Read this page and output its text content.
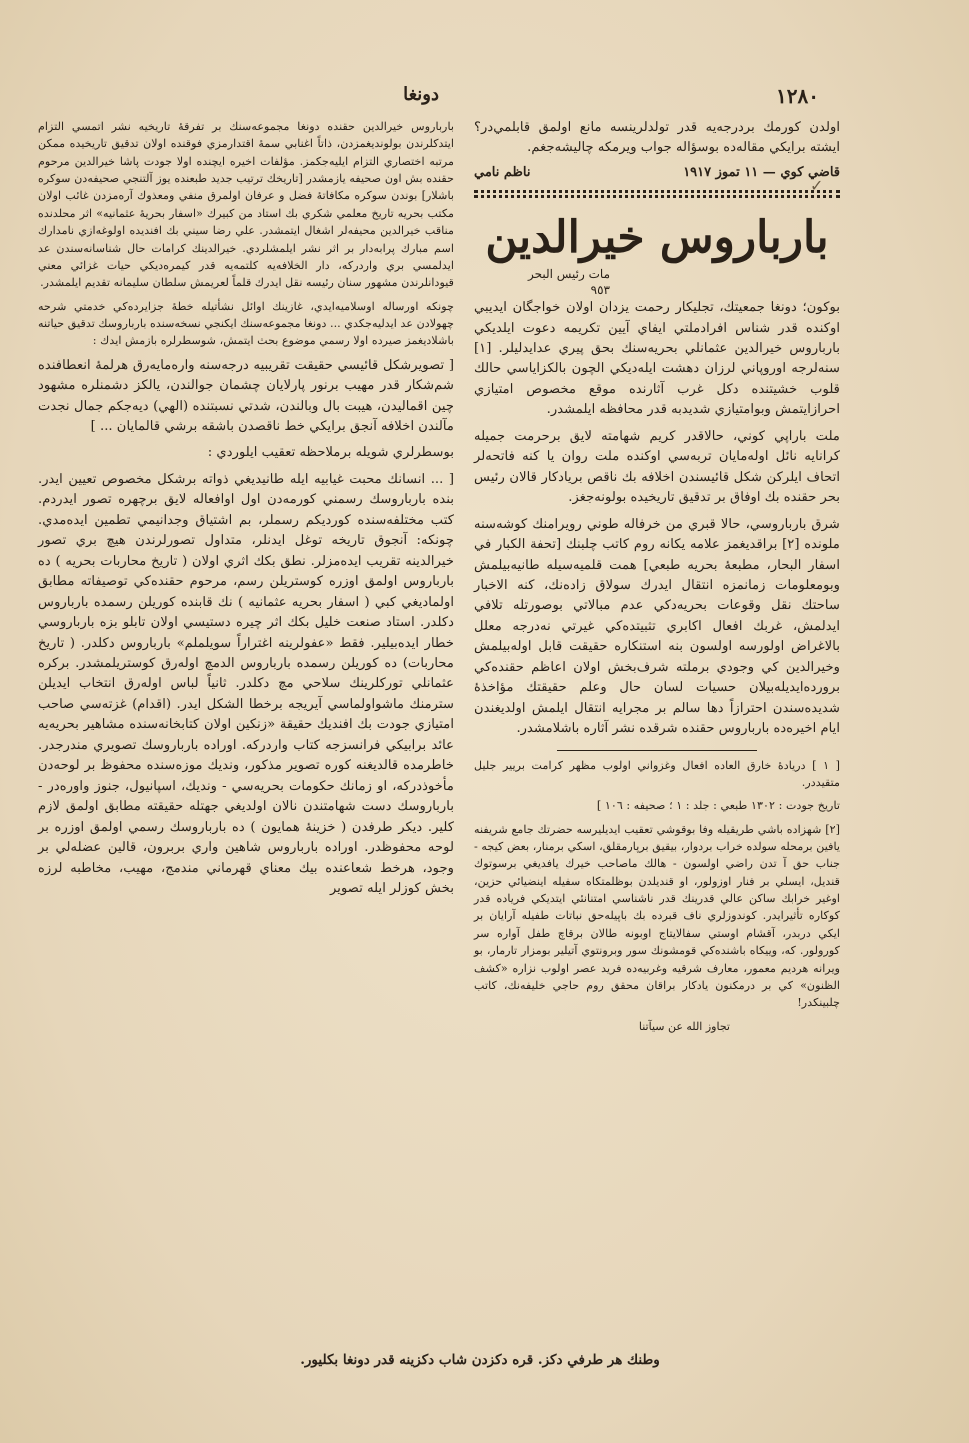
١٢٨٠
دونغا
✓

اولدن كورمك بردرجه‌يه قدر تولدلرينسه مانع اولمق قابلمي‌در؟ ايشته برايكي مقاله‌ده بوسؤاله جواب ويرمكه چاليشه‌جغم.

قاضي كوي — ١١ تموز ١٩١٧
ناظم نامي
بارباروس خيرالدين
مات رئيس البحر
٩٥٣

بوكون؛ دونغا جمعيتك، تجليكار رحمت يزدان اولان خواجگان ايديبي اوكنده قدر شناس افرادملتي ايفاي آيين تكريمه دعوت ايلديكي بارباروس خيرالدين عثمانلي بحريه‌سنك بحق پيري عدايدليلر. [١] سنه‌لرجه اوروپاني لرزان دهشت ايله‌ديكي الچون بالكزاياسي حالك قلوب خشيتنده دكل غرب آثارنده موقع مخصوص امتيازي احرازايتمش وبوامتيازي شديدبه قدر محافظه ايلمشدر.

ملت باراپي كوني، حالاقدر كريم شهامته لايق برحرمت جميله كرانايه نائل اوله‌مايان تربه‌سي اوكنده ملت روان يا كنه فاتحه‌لر اتحاف ايلركن شكل قائيسندن اخلافه بك ناقص بريادكار قالان رئيس بحر حقنده بك اوفاق بر تدقيق تاريخيده بولونه‌جغز.

شرق بارباروسي، حالا قبري من خرفاله طوني رويرامنك كوشه‌سنه ملونده [٢] براقديغمز علامه يكانه روم كاتب چلبنك [تحفة الكبار في اسفار البحار، مطبعهٔ بحريه طبعي] همت قلميه‌سيله طانيه‌بيلمش وبومعلومات زمانمزه انتقال ايدرك سولاق زاده‌نك، كنه الاخبار ساحتك نقل وقوعات بحريه‌دكي عدم مبالاتي بوصورتله تلافي ايدلمش، غربك افعال اكابري تثبيتده‌كي غيرتي نه‌درجه معلل بالاغراض اولورسه اولسون بنه استنكاره حقيقت قابل اوله‌بيلمش وخيرالدين كي وجودي برملته شرف‌بخش اولان اعاظم حقنده‌كي برورده‌ايديله‌بيلان حسيات لسان حال وعلم حقيقتك مؤاخذهٔ شديده‌سندن احترازاً دها سالم بر مجرايه انتقال ايلمش اولديغندن ايام اخيره‌ده بارباروس حقنده شرقده نشر آثاره باشلامشدر.

[ ١ ] دريادهٔ خارق العاده افعال وغزواني اولوب مظهر كرامت بريير جليل متقيددر.

تاريخ جودت : ١٣٠٢ طبعي : جلد : ١ ؛ صحيفه : ١٠٦ ]

[٢] شهزاده باشي طريقيله وفا بوقوشي تعقيب ايديليرسه حضرتك جامع شريفنه يافين برمحله سولده خراب بردوار، بيقيق برپارمقلق، اسكي برمنار، بعض كيجه - جناب حق آ تدن راضي اولسون - هالك ماصاحب خيرك يافديغي برسوتوك قنديل، ايسلي بر فنار اوزولور، او قنديلدن بوظلمتكاه سفيله اينضيائي حزين، اوغير خرابك ساكن عالي قدرينك قدر ناشناسي امتنانئي ايتديكي فرياده قدر كوكاره تأثيرايدر. كوندوزلري ناف قبرده بك باپيله‌حق نباتات طفيله آرايان بر ايكي دربدر، آقشام اوستي سفالايتاج اوبونه طالان برقاچ طفل آواره سر كورولور. كه، وييكاه باشنده‌كي قومشونك سور وبرونتوي آتيلير بومزار تارمار، بو ويرانه هرديم معمور، معارف شرقيه وغربيه‌ده فريد عصر اولوب نزاره «كشف الظنون» كي بر درمكنون يادكار براقان محقق روم حاجي خليفه‌نك، كاتب چلبينكدر!

تجاوز الله عن سيآتنا

بارباروس خيرالدين حقنده دونغا مجموعه‌سنك بر تفرقهٔ تاريخيه نشر اتمسي التزام ايتدكلرندن بولونديغمزدن، ذاتاً اغنابي سمهٔ اقتدارمزي فوقنده اولان تدقيق تاريخيده ممكن مرتبه اختصاري التزام ايليه‌جكمز. مؤلفات اخيره ايچنده اولا جودت پاشا خيرالدين مرحوم حقنده بش اون صحيفه يازمشدر [تاريخك ترتيب جديد طبعنده يوز آلتنجي صحيفه‌دن سوكره باشلار] بوندن سوكره مكافاتهٔ فضل و عرفان اولمرق منفي ومعذوك آره‌مزدن غائب اولان مكتب بحريه تاريخ معلمي شكري بك استاد من كبيرك «اسفار بحريهٔ عثمانيه» اثر محلدنده مناقب خيرالدين محيفه‌لر اشغال ايتمشدر. علي رضا سيني بك افنديده اولوغه‌ازي نامدارك اسم مبارك پرابه‌دار بر اثر نشر ايلمشلردي. خيرالدينك كرامات حال شناسانه‌سندن عد ايدلمسي بري واردركه، دار الخلافه‌يه كلتمه‌يه قدر كيمره‌ديكي حيات غزائي معني قيودانلرندن مشهور سنان رئيسه نقل ايدرك قلماً لعريمش سلطان سليمانه تقديم ايلمشدر.

چونكه اورساله اوسلاميه‌ايدي، غازينك اوائل نشأتيله خطهٔ جزايرده‌كي خدمتي شرحه چهولادن عد ايدليه‌جكدي ... دونغا مجموعه‌سنك ايكنجي نسخه‌سنده بارباروسك تدقيق حياتنه باشلاديغمز صيرده اولا رسمي موضوع بحث ايتمش، شوسطرلره بازمش ايدك :

[ تصويرشكل قائيسي حقيقت تقريبيه درجه‌سنه واره‌مايه‌رق هرلمهٔ انعطافنده شم‌شكار قدر مهيب برنور پارلايان چشمان جوالندن، يالكز دشمنلره مشهود چين اقماليدن، هيبت بال وبالندن، شدتي نسبتنده (الهي) ديه‌جكم جمال نجدت مآلندن اخلافه آنجق برايكي خط ناقصدن باشقه برشي قالمايان ... ]

بوسطرلري شويله برملاحظه تعقيب ايلوردي :

[ ... انسانك محبت غيابيه ايله طانيديغي ذواته برشكل مخصوص تعيين ايدر. بنده بارباروسك رسمني كورمه‌دن اول اوافعاله لايق برچهره تصور ايدردم. كتب مختلفه‌سنده كورديكم رسملر، بم اشتياق وجدانيمي تطمين ايده‌مدي. چونكه: آنجوق تاريخه توغل ايدنلر، متداول تصورلرندن هيچ بري تصور خيرالدينه تقريب ايده‌مزلر. نطق بكك اثري اولان ( تاريخ محاربات بحريه ) ده بارباروس اولمق اوزره كوستريلن رسم، مرحوم حقنده‌كي توصيفاته مطابق اولماديغي كبي ( اسفار بحريه عثمانيه ) نك قابنده كوريلن رسمده بارباروس دكلدر. استاد صنعت خليل بكك اثر چيره دستيسي اولان تابلو بزه بارباروسي خطار ايده‌بيلير. فقط «عفولرينه اغتراراً سويلملم» بارباروس دكلدر. ( تاريخ محاربات) ده كوريلن رسمده بارباروس الدمچ اوله‌رق كوستريلمشدر. بركره عثمانلي توركلرينك سلاحي مچ دكلدر. ثانياً لباس اوله‌رق انتخاب ايديلن سترمنك ماشواولماسي آيريجه برخطا الشكل ايدر. (اقدام) غزته‌سي صاحب امتيازي جودت بك افنديك حقيقة «زنكين اولان كتابخانه‌سنده مشاهير بحريه‌يه عائد برابيكي فرانسزجه كتاب واردركه. اوراده بارباروسك تصويري مندرجدر. خاطرمده قالديغنه كوره تصوير مذكور، ونديك موزه‌سنده محفوظ بر لوحه‌دن مأخوذدركه، او زمانك حكومات بحريه‌سي - ونديك، اسپانيول، جنوز واوره‌در - بارباروسك دست شهامتندن نالان اولديغي جهتله حقيقته مطابق اولمق لازم كلير. ديكر طرفدن ( خزينهٔ همايون ) ده بارباروسك رسمي اولمق اوزره بر لوحه محفوظدر. اوراده بارباروس شاهين واري بربرون، قالين عضله‌لي بر وجود، هرخط شعاعنده بيك معناي قهرماني مندمج، مهيب، مخاطبه لرزه بخش كوزلر ايله تصوير

وطنك هر طرفي دكز. قره دكزدن شاب دكزينه قدر دونغا بكليور.
